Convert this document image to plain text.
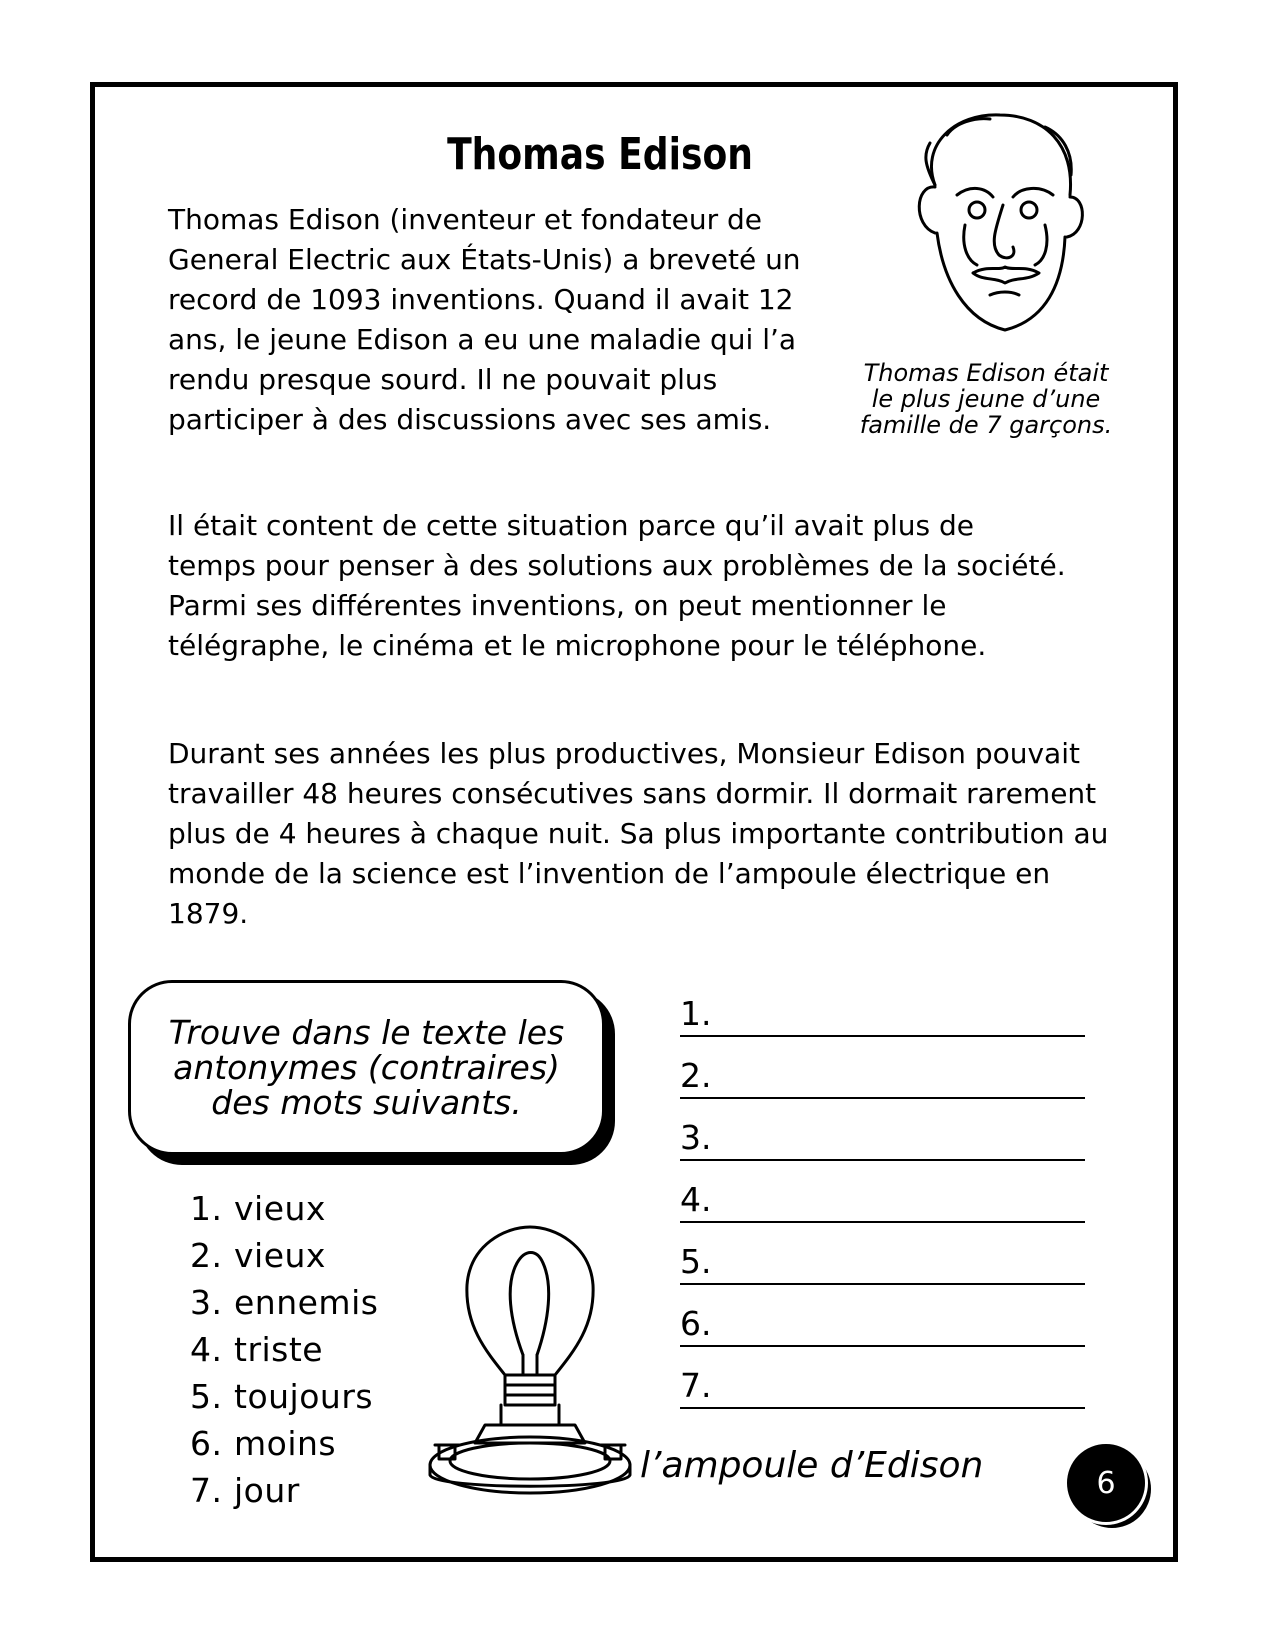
Thomas Edison

Thomas Edison (inventeur et fondateur de General Electric aux États-Unis) a breveté un record de 1093 inventions. Quand il avait 12 ans, le jeune Edison a eu une maladie qui l’a rendu presque sourd. Il ne pouvait plus participer à des discussions avec ses amis.

Thomas Edison était le plus jeune d’une famille de 7 garçons.

Il était content de cette situation parce qu’il avait plus de temps pour penser à des solutions aux problèmes de la société. Parmi ses différentes inventions, on peut mentionner le télégraphe, le cinéma et le microphone pour le téléphone.

Durant ses années les plus productives, Monsieur Edison pouvait travailler 48 heures consécutives sans dormir. Il dormait rarement plus de 4 heures à chaque nuit. Sa plus importante contribution au monde de la science est l’invention de l’ampoule électrique en 1879.

Trouve dans le texte les antonymes (contraires) des mots suivants.

1. vieux
2. vieux
3. ennemis
4. triste
5. toujours
6. moins
7. jour
1.
2.
3.
4.
5.
6.
7.
l’ampoule d’Edison	6
